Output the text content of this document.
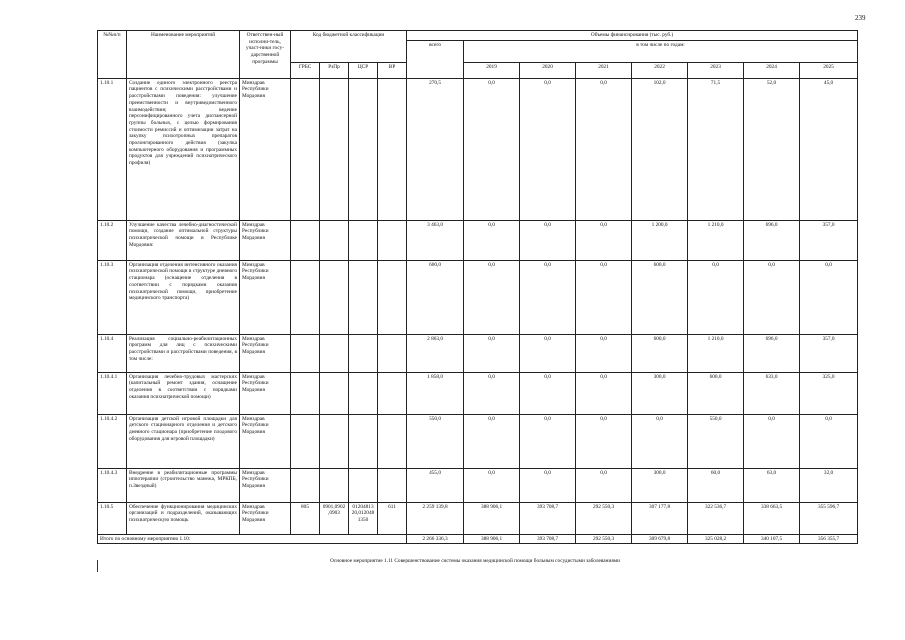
239
№№п/п	Наименование мероприятий	Ответствен-ный исполни-тель, участ-ники госу-дарственной программы	Код бюджетной классификации				Объемы финансирования (тыс. руб.)							
							всего	в том числе по годам:						
			ГРБС	РзПр	ЦСР	ВР		2019	2020	2021	2022	2023	2024	2025
1.10.1	Создание единого электронного реестра пациентов с психическими расстройствами и расстройствами поведения: улучшение преемственности и внутриведомственного взаимодействия; ведение персонифицированного учета диспансерной группы больных, с целью формирования стоимости ремиссий и оптимизации затрат на закупку психотропных препаратов пролонгированного действия (закупка компьютерного оборудования и программных продуктов для учреждений психиатрического профиля)	Минздрав Республики Мордовия					270,5	0,0	0,0	0,0	102,0	71,5	52,0	45,0
1.10.2	Улучшение качества лечебно-диагностической помощи, создание оптимальной структуры психиатрической помощи в Республике Мордовия:	Минздрав Республики Мордовия					3 463,0	0,0	0,0	0,0	1 200,0	1 210,0	696,0	357,0
1.10.3	Организация отделения интенсивного оказания психиатрической помощи в структуре дневного стационара (оснащение отделения в соответствии с порядками оказания психиатрической помощи, приобретение медицинского транспорта)	Минздрав Республики Мордовия					600,0	0,0	0,0	0,0	600,0	0,0	0,0	0,0
1.10.4	Реализация социально-реабилитационных программ для лиц с психическими расстройствами и расстройствами поведения, в том числе:	Минздрав Республики Мордовия					2 863,0	0,0	0,0	0,0	600,0	1 210,0	696,0	357,0
1.10.4.1	Организация лечебно-трудовых мастерских (капитальный ремонт здания, оснащение отделения в соответствии с порядками оказания психиатрической помощи)	Минздрав Республики Мордовия					1 858,0	0,0	0,0	0,0	300,0	600,0	633,0	325,0
1.10.4.2	Организация детской игровой площадки для детского стационарного отделения и детского дневного стационара (приобретение плодового оборудования для игровой площадки)	Минздрав Республики Мордовия					550,0	0,0	0,0	0,0	0,0	550,0	0,0	0,0
1.10.4.3	Внедрение в реабилитационные программы иппотерапии (строительство манежа, МРКПБ, п.Звездный)	Минздрав Республики Мордовия					455,0	0,0	0,0	0,0	300,0	60,0	63,0	32,0
1.10.5	Обеспечение функционирования медицинских организаций и подразделений, оказывающих психиатрическую помощь	Минздрав Республики Мордовия	805	0901,0902 ,0903	01204813 20,012048 1350	611	2 259 139,8	388 906,1	393 708,7	292 550,3	307 177,8	322 536,7	338 663,5	355 596,7
Итого по основному мероприятию 1.10:							2 266 336,3	388 906,1	393 708,7	292 550,3	309 679,8	325 028,2	340 107,5	356 355,7
Основное мероприятие 1.11 Совершенствование системы оказания медицинской помощи больным сосудистыми заболеваниями
